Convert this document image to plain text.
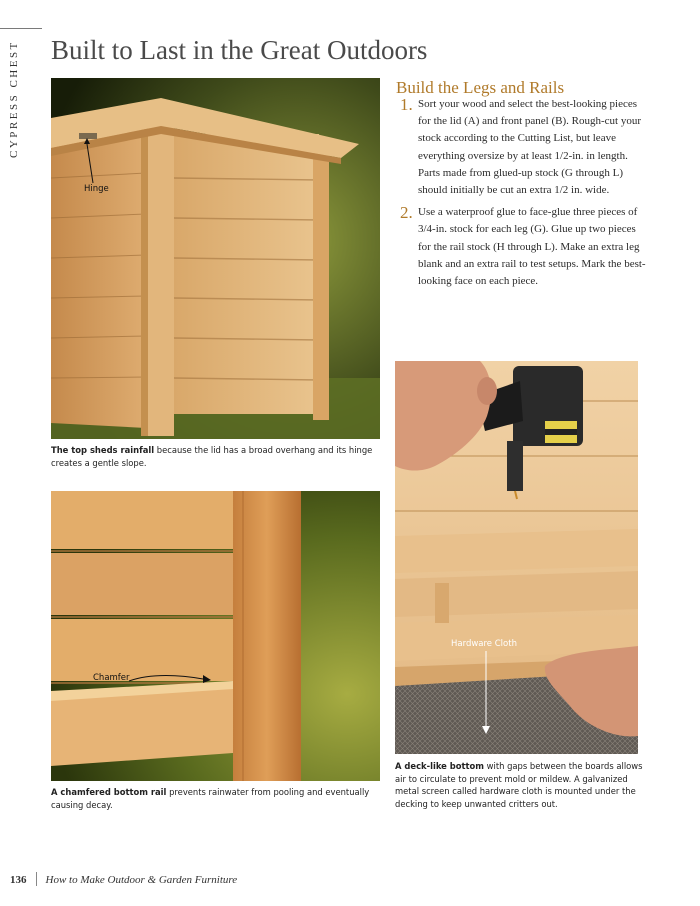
CYPRESS CHEST Built to Last in the Great Outdoors
Hinge
The top sheds rainfall because the lid has a broad overhang and its hinge creates a gentle slope.
Chamfer
A chamfered bottom rail prevents rainwater from pooling and eventually causing decay.
Build the Legs and Rails
1. Sort your wood and select the best-looking pieces for the lid (A) and front panel (B). Rough-cut your stock according to the Cutting List, but leave everything oversize by at least 1/2-in. in length. Parts made from glued-up stock (G through L) should initially be cut an extra 1/2 in. wide.

2. Use a waterproof glue to face-glue three pieces of 3/4-in. stock for each leg (G). Glue up two pieces for the rail stock (H through L). Make an extra leg blank and an extra rail to test setups. Mark the best-looking face on each piece.

Hardware Cloth
A deck-like bottom with gaps between the boards allows air to circulate to prevent mold or mildew. A galvanized metal screen called hardware cloth is mounted under the decking to keep unwanted critters out.
136 How to Make Outdoor & Garden Furniture
